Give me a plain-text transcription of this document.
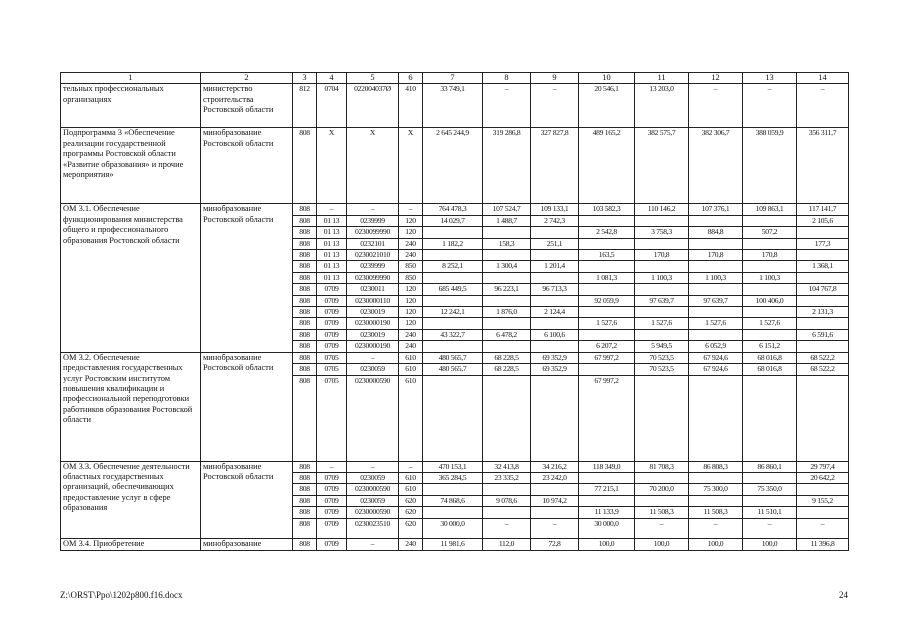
1	2	3	4	5	6	7	8	9	10	11	12	13	14
тельных профессиональных организациях	министерство строительства Ростовской области	812	0704	022004037Ø	410	33 749,1	–	–	20 546,1	13 203,0	–	–	–
Подпрограмма 3 «Обеспечение реализации государственной программы Ростовской области «Развитие образования» и прочие мероприятия»	минобразование Ростовской области	808	Х	Х	Х	2 645 244,9	319 286,8	327 827,8	489 165,2	382 575,7	382 306,7	388 059,9	356 311,7
ОМ 3.1. Обеспечение функционирования министерства общего и профессионального образования Ростовской области	минобразование Ростовской области	808	–	–	–	764 478,3	107 524,7	109 133,1	103 582,3	110 146,2	107 376,1	109 863,1	117 141,7
		808	01 13	0239999	120	14 029,7	1 488,7	2 742,3					2 105,6
		808	01 13	0230099990	120				2 542,8	3 758,3	884,8	507,2	
		808	01 13	0232101	240	1 182,2	158,3	251,1					177,3
		808	01 13	0230021010	240				163,5	170,8	170,8	170,8	
		808	01 13	0239999	850	8 252,1	1 300,4	1 201,4					1 368,1
		808	01 13	0230099990	850				1 081,3	1 100,3	1 100,3	1 100,3	
		808	0709	0230011	120	685 449,5	96 223,1	96 713,3					104 767,8
		808	0709	0230000110	120				92 059,9	97 639,7	97 639,7	100 406,0	
		808	0709	0230019	120	12 242,1	1 876,0	2 124,4					2 131,3
		808	0709	0230000190	120				1 527,6	1 527,6	1 527,6	1 527,6	
		808	0709	0230019	240	43 322,7	6 478,2	6 100,6					6 591,6
		808	0709	0230000190	240				6 207,2	5 949,5	6 052,9	6 151,2	
ОМ 3.2. Обеспечение предоставления государственных услуг Ростовским институтом повышения квалификации и профессиональной переподготовки работников образования Ростовской области	минобразование Ростовской области	808	0705	–	610	480 565,7	68 228,5	69 352,9	67 997,2	70 523,5	67 924,6	68 016,8	68 522,2
		808	0705	0230059	610	480 565,7	68 228,5	69 352,9		70 523,5	67 924,6	68 016,8	68 522,2
		808	0705	0230000590	610				67 997,2				
ОМ 3.3. Обеспечение деятельности областных государственных организаций, обеспечивающих предоставление услуг в сфере образования	минобразование Ростовской области	808	–	–	–	470 153,1	32 413,8	34 216,2	118 349,0	81 708,3	86 808,3	86 860,1	29 797,4
		808	0709	0230059	610	365 284,5	23 335,2	23 242,0					20 642,2
		808	0709	0230000590	610				77 215,1	70 200,0	75 300,0	75 350,0	
		808	0709	0230059	620	74 868,6	9 078,6	10 974,2					9 155,2
		808	0709	0230000590	620				11 133,9	11 508,3	11 508,3	11 510,1	
		808	0709	0230023510	620	30 000,0	–	–	30 000,0	–	–	–	–
ОМ 3.4. Приобретение	минобразование	808	0709	–	240	11 981,6	112,0	72,8	100,0	100,0	100,0	100,0	11 396,8
Z:\ORST\Ppo\1202p800.f16.docx	24
